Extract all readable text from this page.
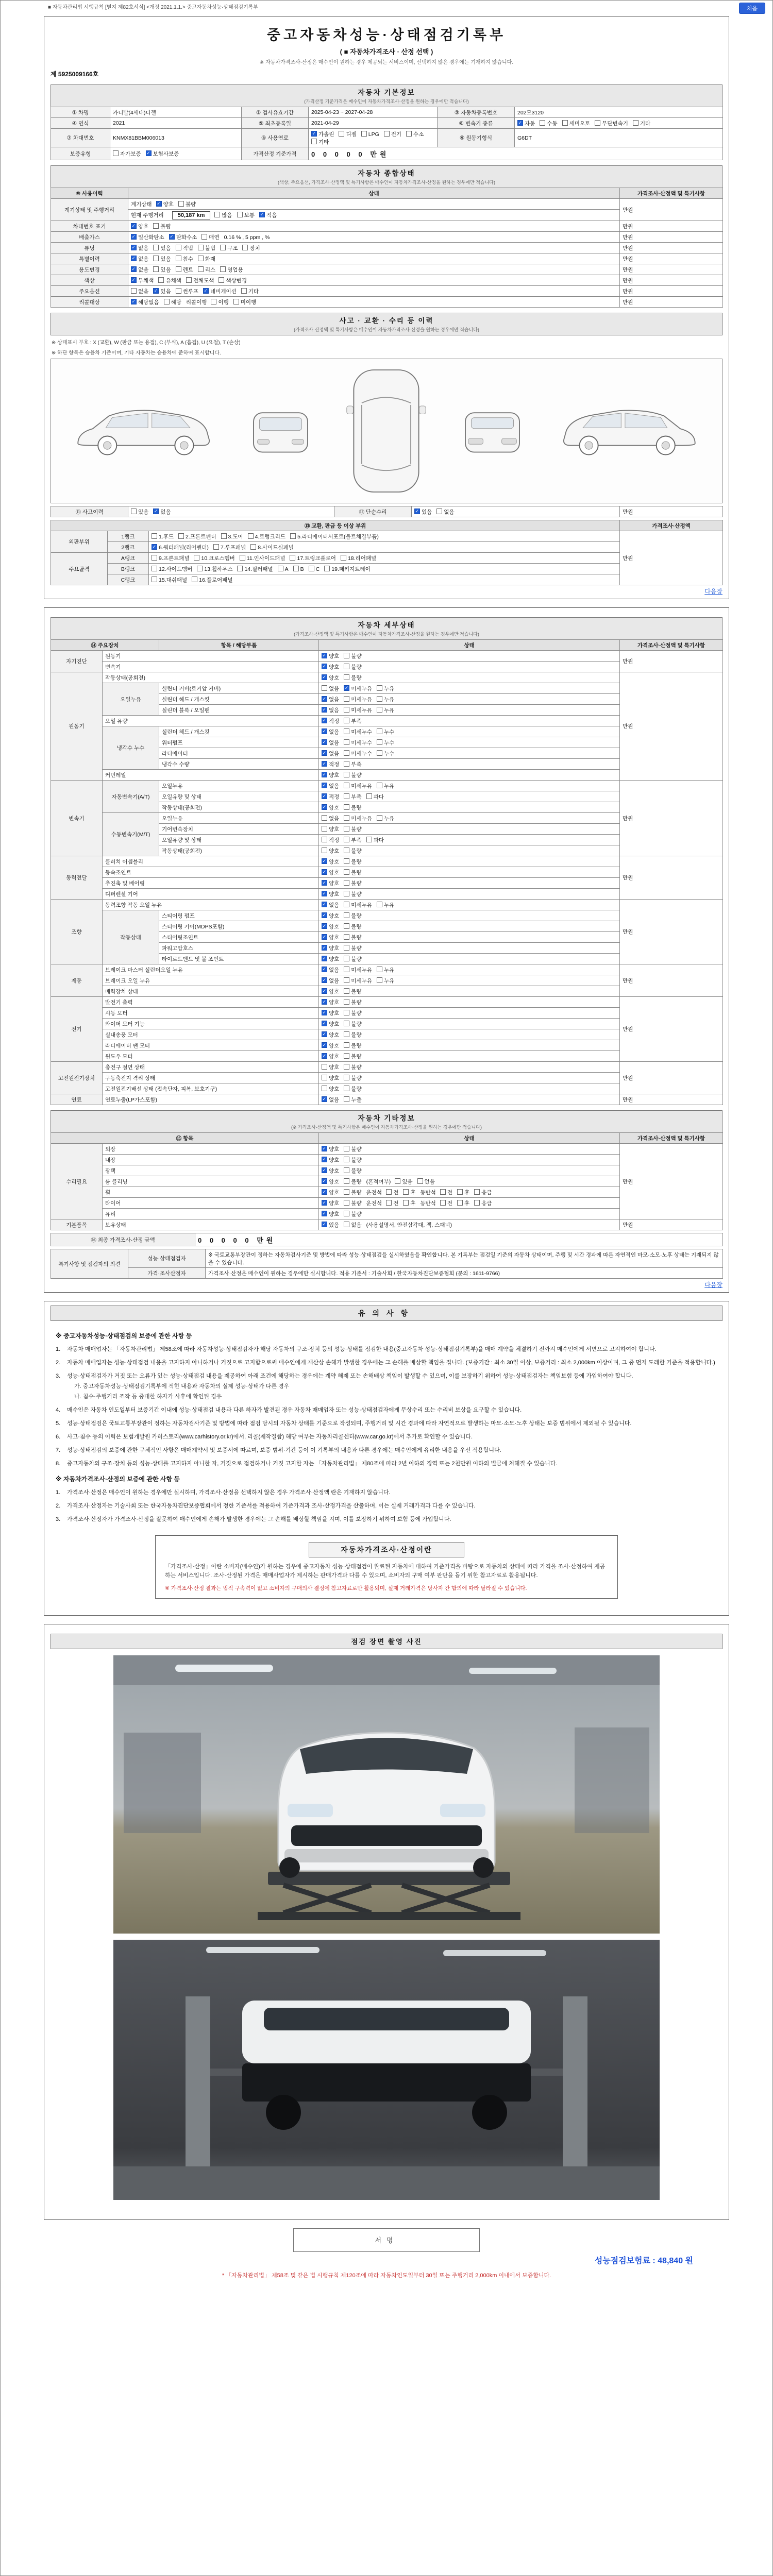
■ 자동차관리법 시행규칙 [별지 제82호서식] <개정 2021.1.1.> 중고자동차성능·상태점검기록부	처음
중고자동차성능·상태점검기록부
( ■ 자동차가격조사 · 산정 선택 )
※ 자동차가격조사·산정은 매수인이 원하는 경우 제공되는 서비스이며, 선택하지 않은 경우에는 기재하지 않습니다.
제 5925009166호
자동차 기본정보
(가격산정 기준가격은 매수인이 자동차가격조사·산정을 원하는 경우에만 적습니다)
① 차명	카니발(4세대)디젤	② 검사유효기간	2025-04-23 ~ 2027-04-28	③ 자동차등록번호	202모3120
④ 연식	2021	⑤ 최초등록일	2021-04-29	⑥ 변속기 종류	✓자동 수동 세미오토 무단변속기 기타
⑦ 차대번호	KNMX81BBM006013	⑧ 사용연료	✓가솔린 디젤 LPG 전기 수소기타	⑨ 원동기형식	G6DT
보증유형	자가보증 ✓ 보험사보증	가격산정 기준가격	0 0 0 0 0 만원		
자동차 종합상태
(색상, 주요옵션, 가격조사·산정액 및 특기사항은 매수인이 자동차가격조사·산정을 원하는 경우에만 적습니다)
⑩ 사용이력	상태	가격조사·산정액 및 특기사항
계기상태 및 주행거리	계기상태 ✓ 양호 불량	만원
	현재 주행거리 50,187 km 많음 보통 ✓ 적음
차대번호 표기	✓양호 불량	만원
배출가스	✓일산화탄소 ✓ 탄화수소 매연 0.16 % , 5 ppm , %	만원
튜닝	✓없음 있음 적법 불법 구조 장치	만원
특별이력	✓없음 있음 침수 화재	만원
용도변경	✓없음 있음 렌트 리스 영업용	만원
색상	✓무채색 유채색 전체도색 색상변경	만원
주요옵션	없음 ✓ 있음 썬루프 ✓ 네비게이션 기타	만원
리콜대상	✓해당없음 해당 리콜이행 이행 미이행	만원
사고 · 교환 · 수리 등 이력
(가격조사·산정액 및 특기사항은 매수인이 자동차가격조사·산정을 원하는 경우에만 적습니다)
※ 상태표시 부호 : X (교환), W (판금 또는 용접), C (부식), A (흠집), U (요철), T (손상)
※ 하단 항목은 승용차 기준이며, 기타 자동차는 승용차에 준하여 표시합니다.
⑪ 사고이력	있음 ✓ 없음	⑫ 단순수리	✓있음 없음	만원
⑬ 교환, 판금 등 이상 부위			가격조사·산정액
외판부위	1랭크	1.후드 2.프론트펜더 3.도어 4.트렁크리드 5.라디에이터서포트(볼트체결부품)	만원
	2랭크	✓6.쿼터패널(리어펜더) 7.루프패널 8.사이드실패널
주요골격	A랭크	9.프론트패널 10.크로스멤버 11.인사이드패널 17.트렁크플로어 18.리어패널	
	B랭크	12.사이드멤버 13.휠하우스 14.필러패널 A B C 19.패키지트레이	
	C랭크	15.대쉬패널 16.플로어패널	
다음장
자동차 세부상태
(가격조사·산정액 및 특기사항은 매수인이 자동차가격조사·산정을 원하는 경우에만 적습니다)
⑭ 주요장치		항목 / 해당부품	상태	가격조사·산정액 및 특기사항
자기진단	원동기	✓양호 불량	만원
	변속기	✓양호 불량
원동기	작동상태(공회전)	✓양호 불량	만원
	오일누유	실린더 커버(로커암 커버)	없음 ✓ 미세누유 누유
		실린더 헤드 / 개스킷	✓없음 미세누유 누유
		실린더 블록 / 오일팬	✓없음 미세누유 누유
	오일 유량	✓적정 부족
	냉각수 누수	실린더 헤드 / 개스킷	✓없음 미세누수 누수
		워터펌프	✓없음 미세누수 누수
		라디에이터	✓없음 미세누수 누수
		냉각수 수량	✓적정 부족
	커먼레일	✓양호 불량
변속기	자동변속기(A/T)	오일누유	✓없음 미세누유 누유	만원
		오일유량 및 상태	✓적정 부족 과다
		작동상태(공회전)	✓양호 불량
	수동변속기(M/T)	오일누유	없음 미세누유 누유	
		기어변속장치	양호 불량	
		오일유량 및 상태	적정 부족 과다	
		작동상태(공회전)	양호 불량	
동력전달	클러치 어셈블리	✓양호 불량	만원
	등속조인트	✓양호 불량
	추진축 및 베어링	✓양호 불량
	디퍼렌셜 기어	✓양호 불량
조향	동력조향 작동 오일 누유	✓없음 미세누유 누유	만원
	작동상태	스티어링 펌프	✓양호 불량
		스티어링 기어(MDPS포함)	✓양호 불량
		스티어링조인트	✓양호 불량
		파워고압호스	✓양호 불량
		타이로드엔드 및 볼 조인트	✓양호 불량
제동	브레이크 마스터 실린더오일 누유	✓없음 미세누유 누유	만원
	브레이크 오일 누유	✓없음 미세누유 누유
	배력장치 상태	✓양호 불량
전기	발전기 출력	✓양호 불량	만원
	시동 모터	✓양호 불량
	와이퍼 모터 기능	✓양호 불량
	실내송풍 모터	✓양호 불량
	라디에이터 팬 모터	✓양호 불량
	윈도우 모터	✓양호 불량
고전원전기장치	충전구 절연 상태		양호 불량	만원
	구동축전지 격리 상태		양호 불량	
	고전원전기배선 상태 (접속단자, 피복, 보호기구)		양호 불량	
연료	연료누출(LP가스포함)	✓없음 누출	만원
자동차 기타정보
(※ 가격조사·산정액 및 특기사항은 매수인이 자동차가격조사·산정을 원하는 경우에만 적습니다)
⑮ 항목		상태	가격조사·산정액 및 특기사항
수리필요	외장	✓양호 불량	만원
	내장	✓양호 불량
	광택	✓양호 불량
	룸 클리닝	✓양호 불량 (흔적여부) 있음 없음
	휠	✓양호 불량 운전석 전 후 동반석 전 후 응급
	타이어	✓양호 불량 운전석 전 후 동반석 전 후 응급
	유리	✓양호 불량
기본품목	보유상태	✓있음 없음 (사용설명서, 안전삼각대, 잭, 스패너)	만원
⑯ 최종 가격조사·산정 금액	0 0 0 0 0 만원
특기사항 및 점검자의 의견	성능·상태점검자	※ 국토교통부장관이 정하는 자동차검사기준 및 방법에 따라 성능·상태점검을 실시하였음을 확인합니다. 본 기록부는 점검일 기준의 자동차 상태이며, 주행 및 시간 경과에 따른 자연적인 마모·소모·노후 상태는 기재되지 않을 수 있습니다.
	가격·조사산정자	가격조사·산정은 매수인이 원하는 경우에만 실시합니다. 적용 기준서 : 기술사회 / 한국자동차진단보증협회 (문의 : 1611-9766)
다음장
유의사항
※ 중고자동차성능·상태점검의 보증에 관한 사항 등
1.	자동차 매매업자는 「자동차관리법」 제58조에 따라 자동차성능·상태점검자가 해당 자동차의 구조·장치 등의 성능·상태를 점검한 내용(중고자동차 성능·상태점검기록부)을 매매 계약을 체결하기 전까지 매수인에게 서면으로 고지하여야 합니다.
2.	자동차 매매업자는 성능·상태점검 내용을 고지하지 아니하거나 거짓으로 고지함으로써 매수인에게 재산상 손해가 발생한 경우에는 그 손해를 배상할 책임을 집니다. (보증기간 : 최소 30일 이상, 보증거리 : 최소 2,000km 이상이며, 그 중 먼저 도래한 기준을 적용합니다.)
3.	성능·상태점검자가 거짓 또는 오류가 있는 성능·상태점검 내용을 제공하여 아래 조건에 해당하는 경우에는 계약 해제 또는 손해배상 책임이 발생할 수 있으며, 이를 보장하기 위하여 성능·상태점검자는 책임보험 등에 가입하여야 합니다.
가. 중고자동차성능·상태점검기록부에 적힌 내용과 자동차의 실제 성능·상태가 다른 경우
나. 침수·주행거리 조작 등 중대한 하자가 사후에 확인된 경우
4.	매수인은 자동차 인도일부터 보증기간 이내에 성능·상태점검 내용과 다른 하자가 발견된 경우 자동차 매매업자 또는 성능·상태점검자에게 무상수리 또는 수리비 보상을 요구할 수 있습니다.
5.	성능·상태점검은 국토교통부장관이 정하는 자동차검사기준 및 방법에 따라 점검 당시의 자동차 상태를 기준으로 작성되며, 주행거리 및 시간 경과에 따라 자연적으로 발생하는 마모·소모·노후 상태는 보증 범위에서 제외될 수 있습니다.
6.	사고·침수 등의 이력은 보험개발원 카히스토리(www.carhistory.or.kr)에서, 리콜(제작결함) 해당 여부는 자동차리콜센터(www.car.go.kr)에서 추가로 확인할 수 있습니다.
7.	성능·상태점검의 보증에 관한 구체적인 사항은 매매계약서 및 보증서에 따르며, 보증 범위·기간 등이 이 기록부의 내용과 다른 경우에는 매수인에게 유리한 내용을 우선 적용합니다.
8.	중고자동차의 구조·장치 등의 성능·상태를 고지하지 아니한 자, 거짓으로 점검하거나 거짓 고지한 자는 「자동차관리법」 제80조에 따라 2년 이하의 징역 또는 2천만원 이하의 벌금에 처해질 수 있습니다.
※ 자동차가격조사·산정의 보증에 관한 사항 등
1.	가격조사·산정은 매수인이 원하는 경우에만 실시하며, 가격조사·산정을 선택하지 않은 경우 가격조사·산정액 란은 기재하지 않습니다.
2.	가격조사·산정자는 기술사회 또는 한국자동차진단보증협회에서 정한 기준서를 적용하여 기준가격과 조사·산정가격을 산출하며, 이는 실제 거래가격과 다를 수 있습니다.
3.	가격조사·산정자가 가격조사·산정을 잘못하여 매수인에게 손해가 발생한 경우에는 그 손해를 배상할 책임을 지며, 이를 보장하기 위하여 보험 등에 가입합니다.
자동차가격조사·산정이란
「가격조사·산정」이란 소비자(매수인)가 원하는 경우에 중고자동차 성능·상태점검이 완료된 자동차에 대하여 기준가격을 바탕으로 자동차의 상태에 따라 가격을 조사·산정하여 제공하는 서비스입니다. 조사·산정된 가격은 매매사업자가 제시하는 판매가격과 다를 수 있으며, 소비자의 구매 여부 판단을 돕기 위한 참고자료로 활용됩니다.
※ 가격조사·산정 결과는 법적 구속력이 없고 소비자의 구매의사 결정에 참고자료로만 활용되며, 실제 거래가격은 당사자 간 합의에 따라 달라질 수 있습니다.
점검 장면 촬영 사진
서명
성능점검보험료 : 48,840 원
* 「자동차관리법」 제58조 및 같은 법 시행규칙 제120조에 따라 자동차인도일부터 30일 또는 주행거리 2,000km 이내에서 보증합니다.
